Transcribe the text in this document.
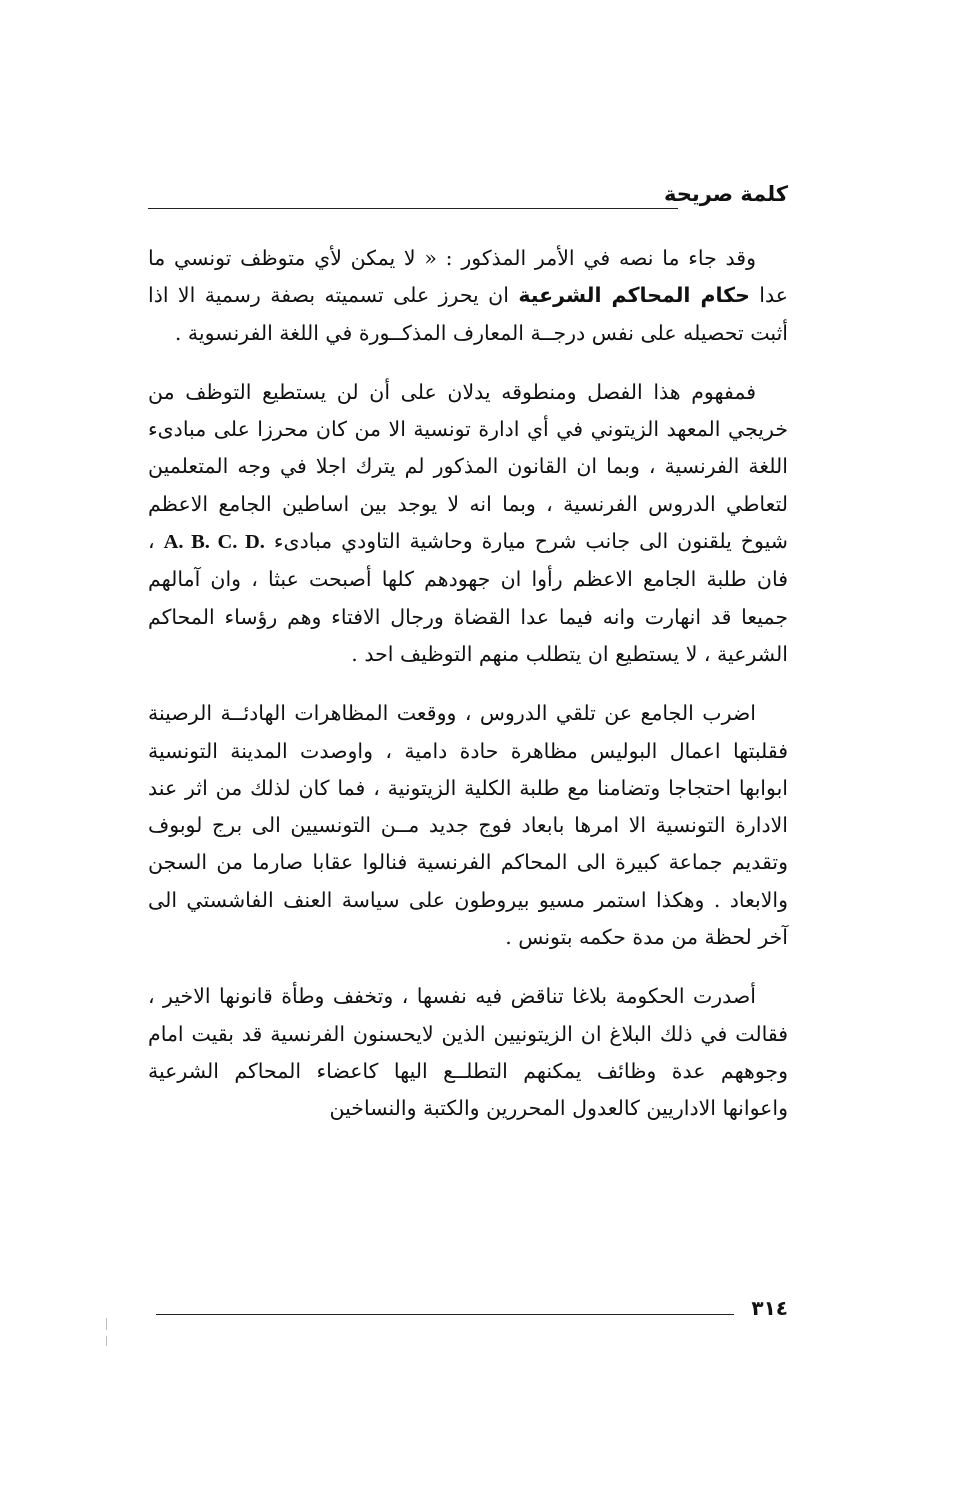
كلمة صريحة

وقد جاء ما نصه في الأمر المذكور : « لا يمكن لأي متوظف تونسي ما عدا حكام المحاكم الشرعية ان يحرز على تسميته بصفة رسمية الا اذا أثبت تحصيله على نفس درجــة المعارف المذكــورة في اللغة الفرنسوية .

فمفهوم هذا الفصل ومنطوقه يدلان على أن لن يستطيع التوظف من خريجي المعهد الزيتوني في أي ادارة تونسية الا من كان محرزا على مبادىء اللغة الفرنسية ، وبما ان القانون المذكور لم يترك اجلا في وجه المتعلمين لتعاطي الدروس الفرنسية ، وبما انه لا يوجد بين اساطين الجامع الاعظم شيوخ يلقنون الى جانب شرح ميارة وحاشية التاودي مبادىء A. B. C. D. ، فان طلبة الجامع الاعظم رأوا ان جهودهم كلها أصبحت عبثا ، وان آمالهم جميعا قد انهارت وانه فيما عدا القضاة ورجال الافتاء وهم رؤساء المحاكم الشرعية ، لا يستطيع ان يتطلب منهم التوظيف احد .

اضرب الجامع عن تلقي الدروس ، ووقعت المظاهرات الهادئــة الرصينة فقلبتها اعمال البوليس مظاهرة حادة دامية ، واوصدت المدينة التونسية ابوابها احتجاجا وتضامنا مع طلبة الكلية الزيتونية ، فما كان لذلك من اثر عند الادارة التونسية الا امرها بابعاد فوج جديد مــن التونسيين الى برج لوبوف وتقديم جماعة كبيرة الى المحاكم الفرنسية فنالوا عقابا صارما من السجن والابعاد . وهكذا استمر مسيو بيروطون على سياسة العنف الفاشستي الى آخر لحظة من مدة حكمه بتونس .

أصدرت الحكومة بلاغا تناقض فيه نفسها ، وتخفف وطأة قانونها الاخير ، فقالت في ذلك البلاغ ان الزيتونيين الذين لايحسنون الفرنسية قد بقيت امام وجوههم عدة وظائف يمكنهم التطلــع اليها كاعضاء المحاكم الشرعية واعوانها الاداريين كالعدول المحررين والكتبة والنساخين

٣١٤
